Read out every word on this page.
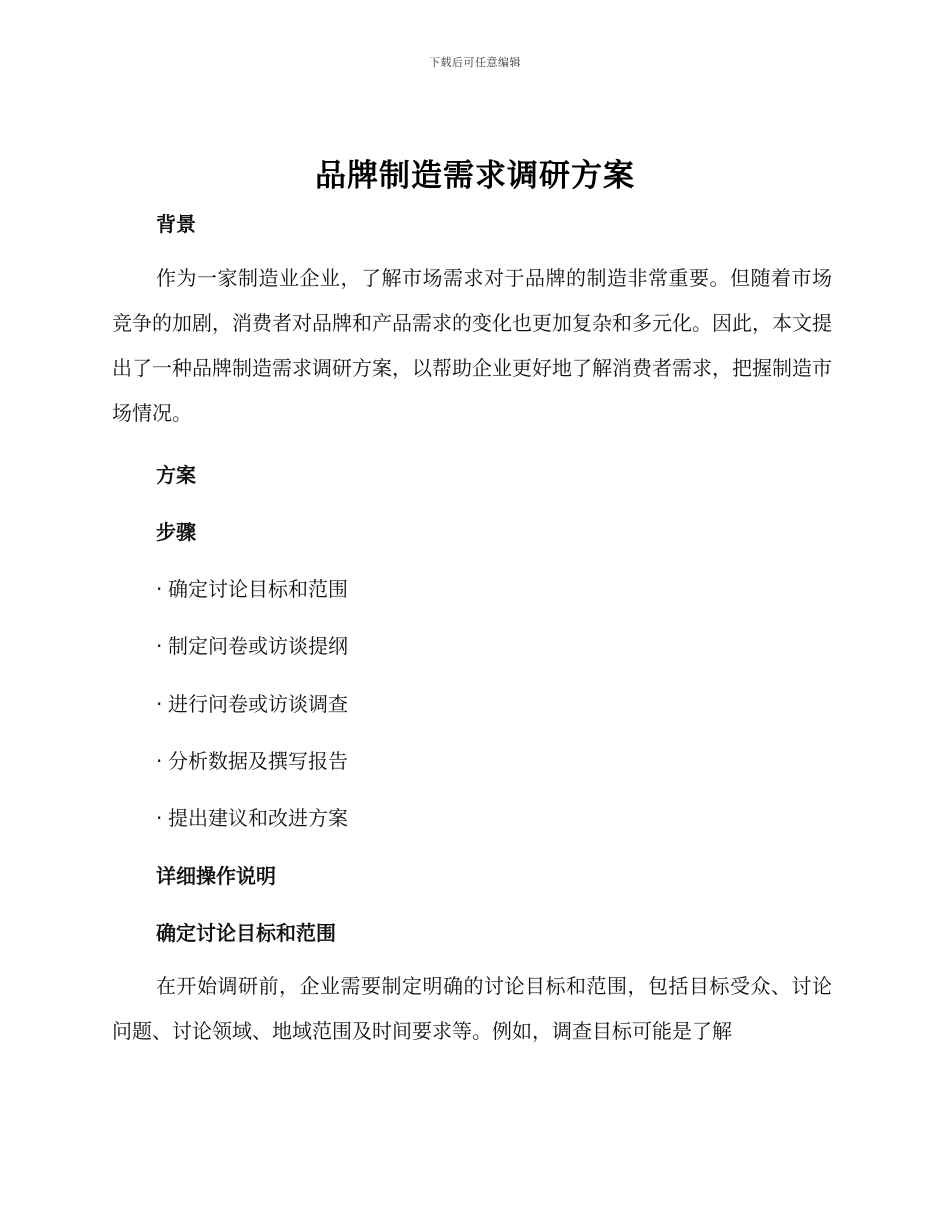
下载后可任意编辑
品牌制造需求调研方案
背景
作为一家制造业企业，了解市场需求对于品牌的制造非常重要。但随着市场竞争的加剧，消费者对品牌和产品需求的变化也更加复杂和多元化。因此，本文提出了一种品牌制造需求调研方案，以帮助企业更好地了解消费者需求，把握制造市场情况。
方案
步骤
· 确定讨论目标和范围
· 制定问卷或访谈提纲
· 进行问卷或访谈调查
· 分析数据及撰写报告
· 提出建议和改进方案
详细操作说明
确定讨论目标和范围
在开始调研前，企业需要制定明确的讨论目标和范围，包括目标受众、讨论问题、讨论领域、地域范围及时间要求等。例如，调查目标可能是了解
